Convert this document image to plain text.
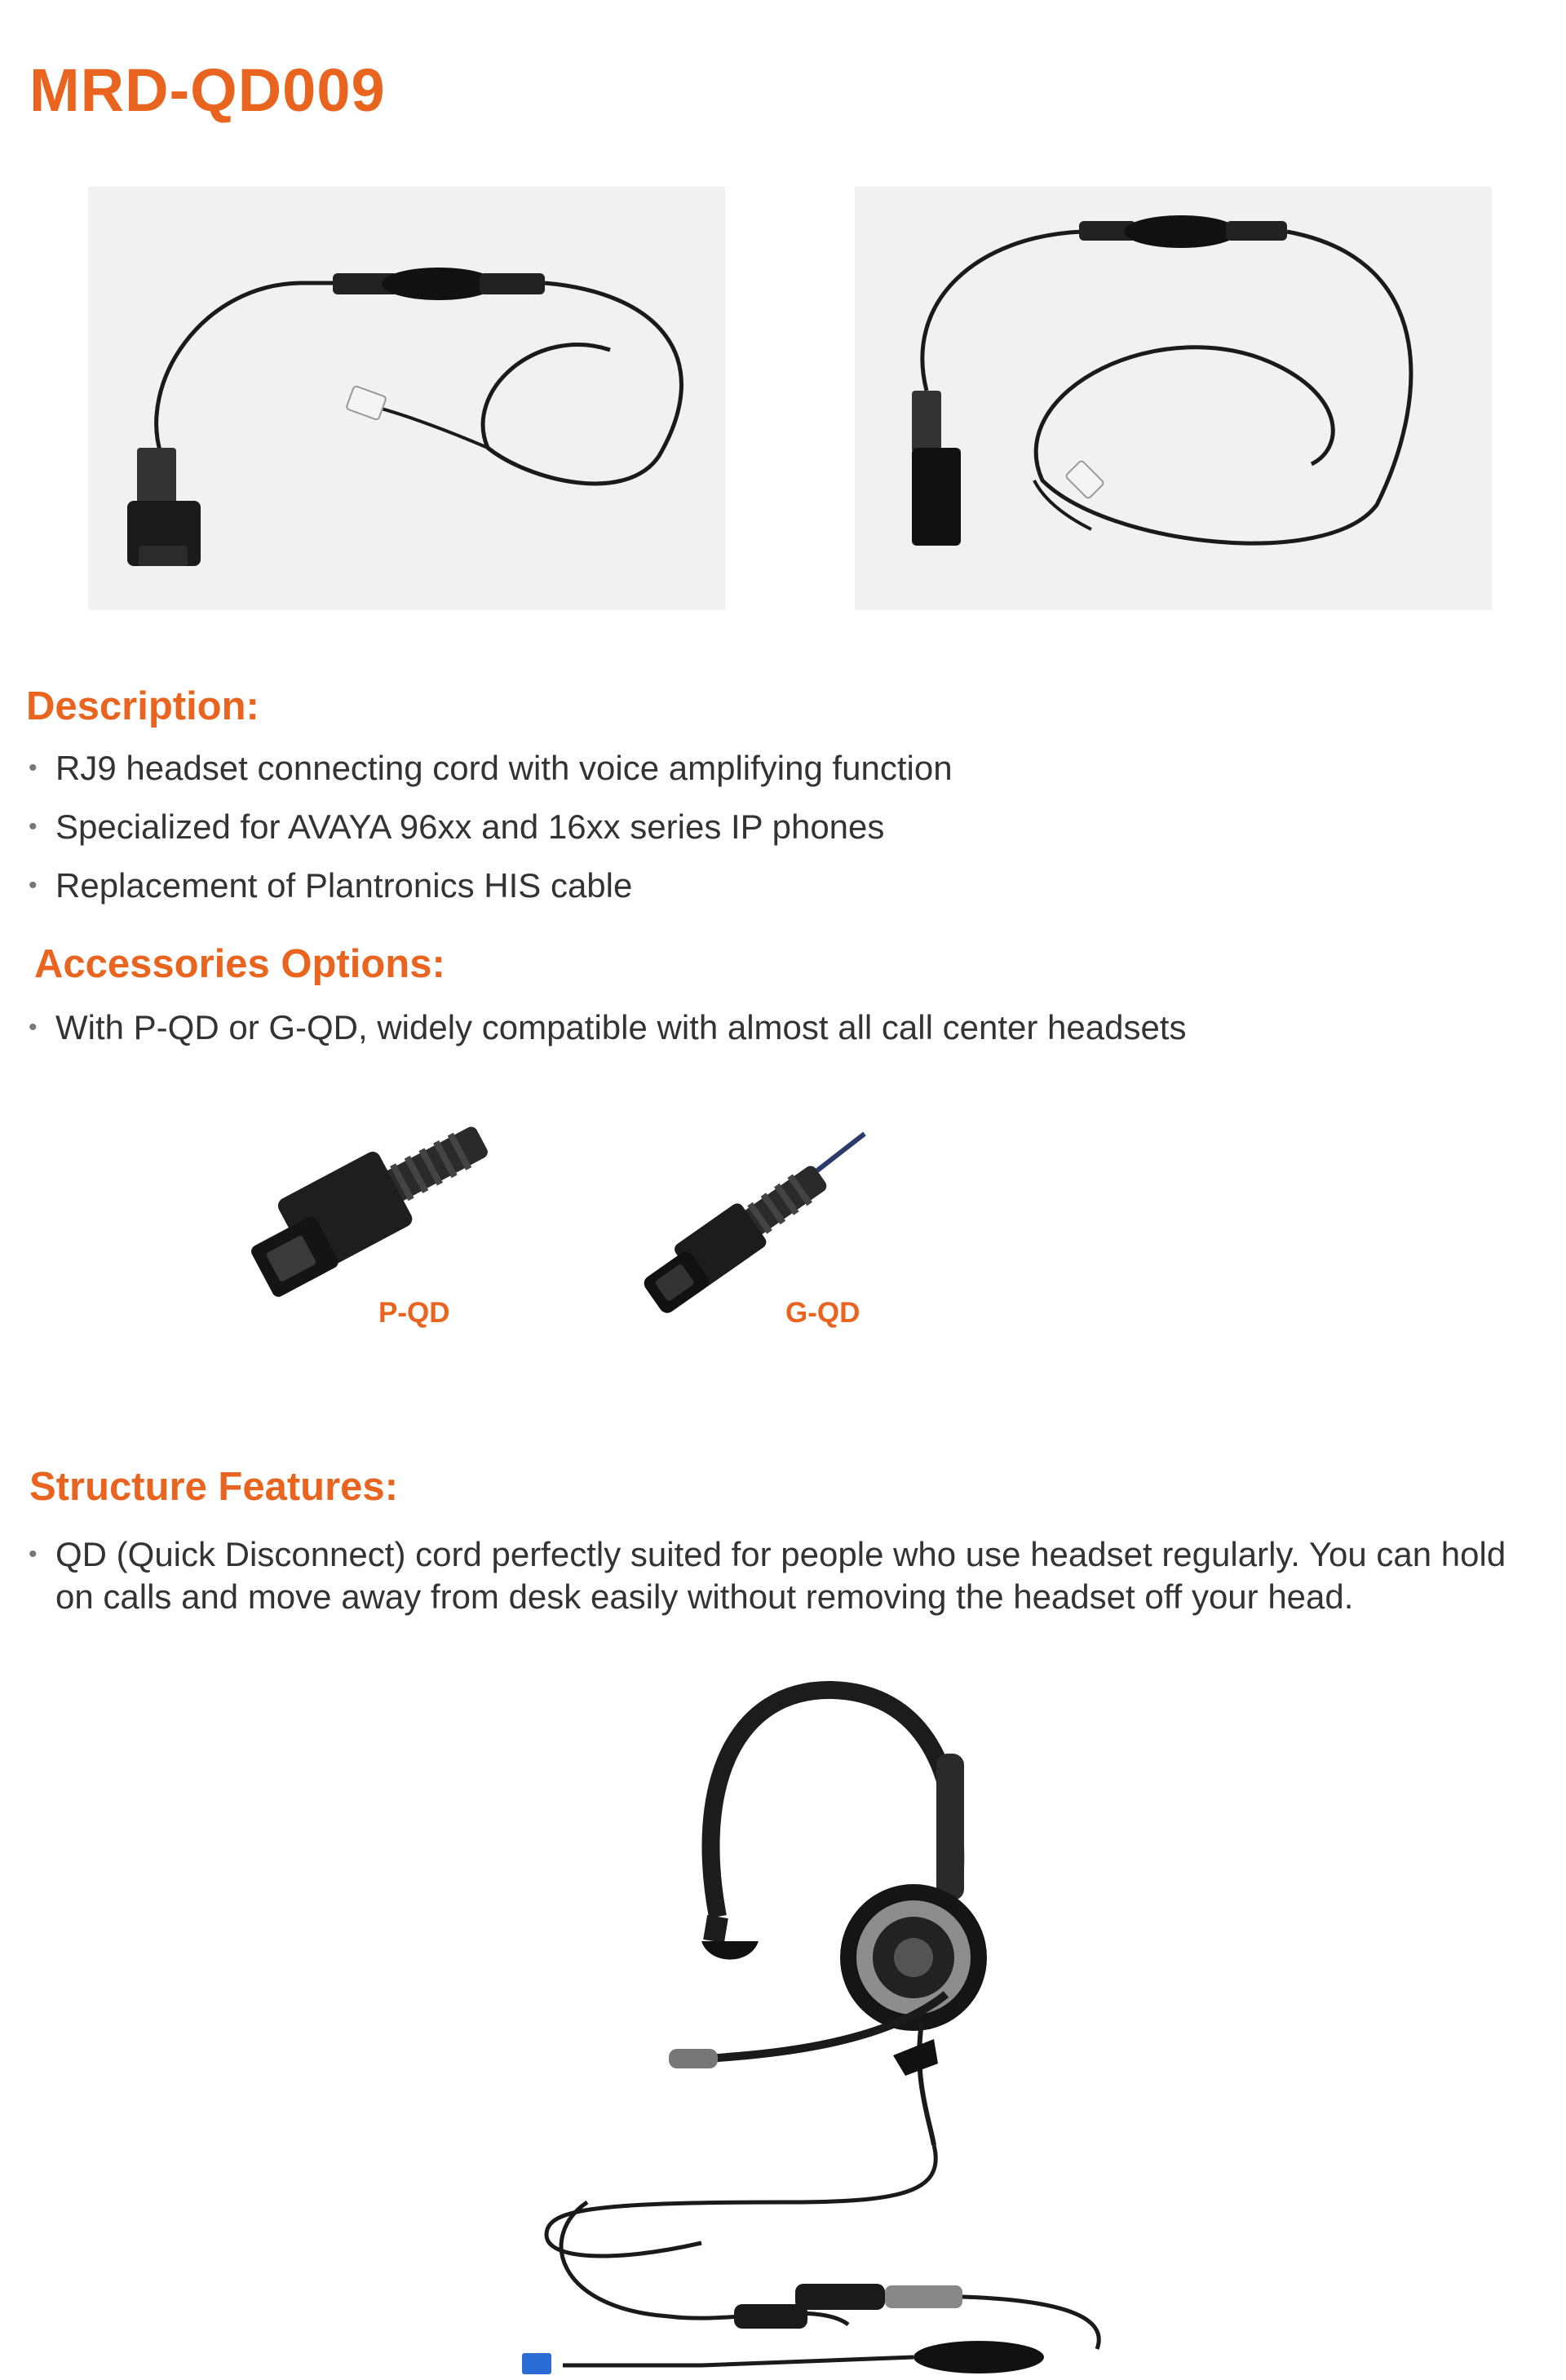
MRD-QD009
Description:
• RJ9 headset connecting cord with voice amplifying function
• Specialized for AVAYA 96xx and 16xx series IP phones
• Replacement of Plantronics HIS cable
Accessories Options:
• With P-QD or G-QD, widely compatible with almost all call center headsets
P-QD	G-QD
Structure Features:
• QD (Quick Disconnect) cord perfectly suited for people who use headset regularly. You can hold on calls and move away from desk easily without removing the headset off your head.
